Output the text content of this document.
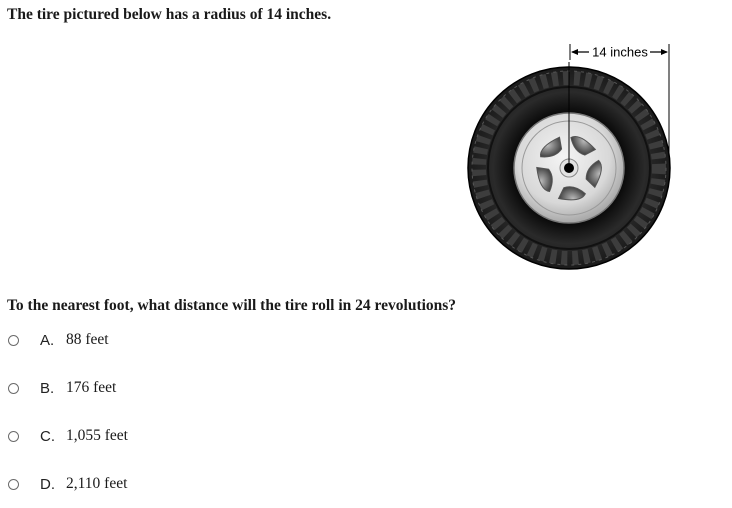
The tire pictured below has a radius of 14 inches.
14 inches
To the nearest foot, what distance will the tire roll in 24 revolutions?
A. 88 feet
B. 176 feet
C. 1,055 feet
D. 2,110 feet
